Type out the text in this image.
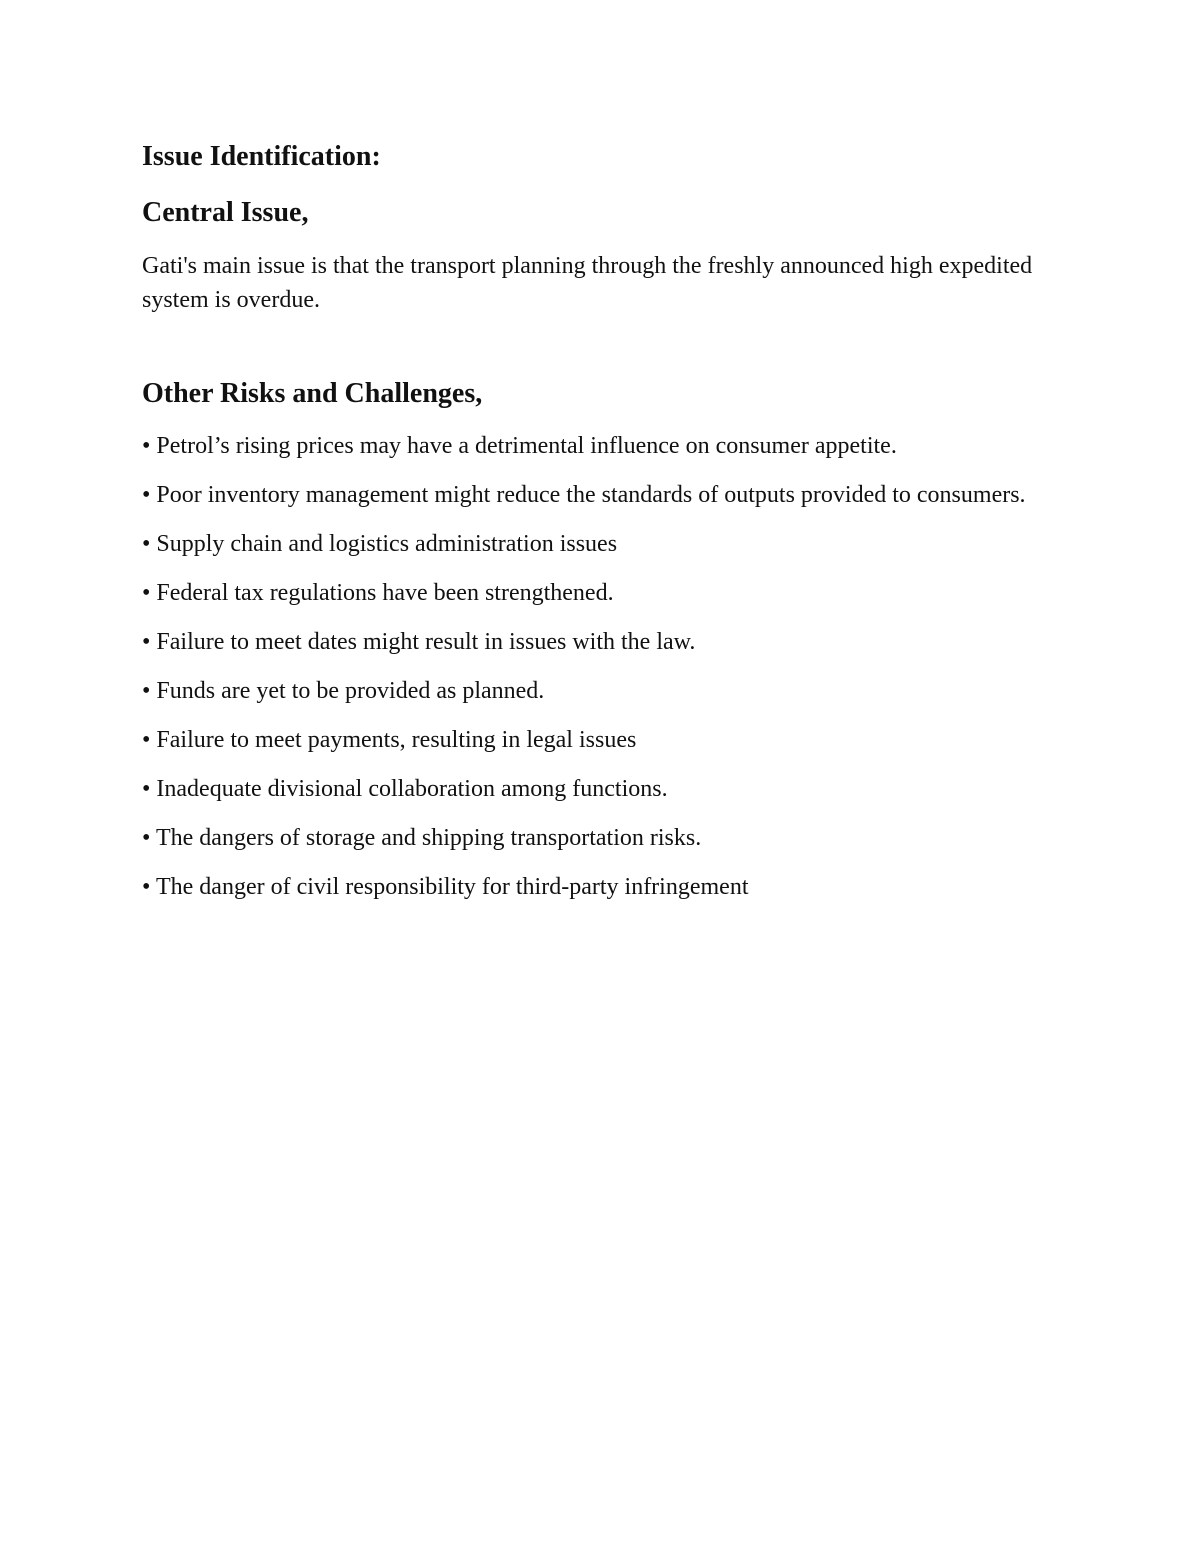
Issue Identification:
Central Issue,

Gati's main issue is that the transport planning through the freshly announced high expedited system is overdue.

Other Risks and Challenges,
• Petrol’s rising prices may have a detrimental influence on consumer appetite.
• Poor inventory management might reduce the standards of outputs provided to consumers.
• Supply chain and logistics administration issues
• Federal tax regulations have been strengthened.
• Failure to meet dates might result in issues with the law.
• Funds are yet to be provided as planned.
• Failure to meet payments, resulting in legal issues
• Inadequate divisional collaboration among functions.
• The dangers of storage and shipping transportation risks.
• The danger of civil responsibility for third-party infringement
